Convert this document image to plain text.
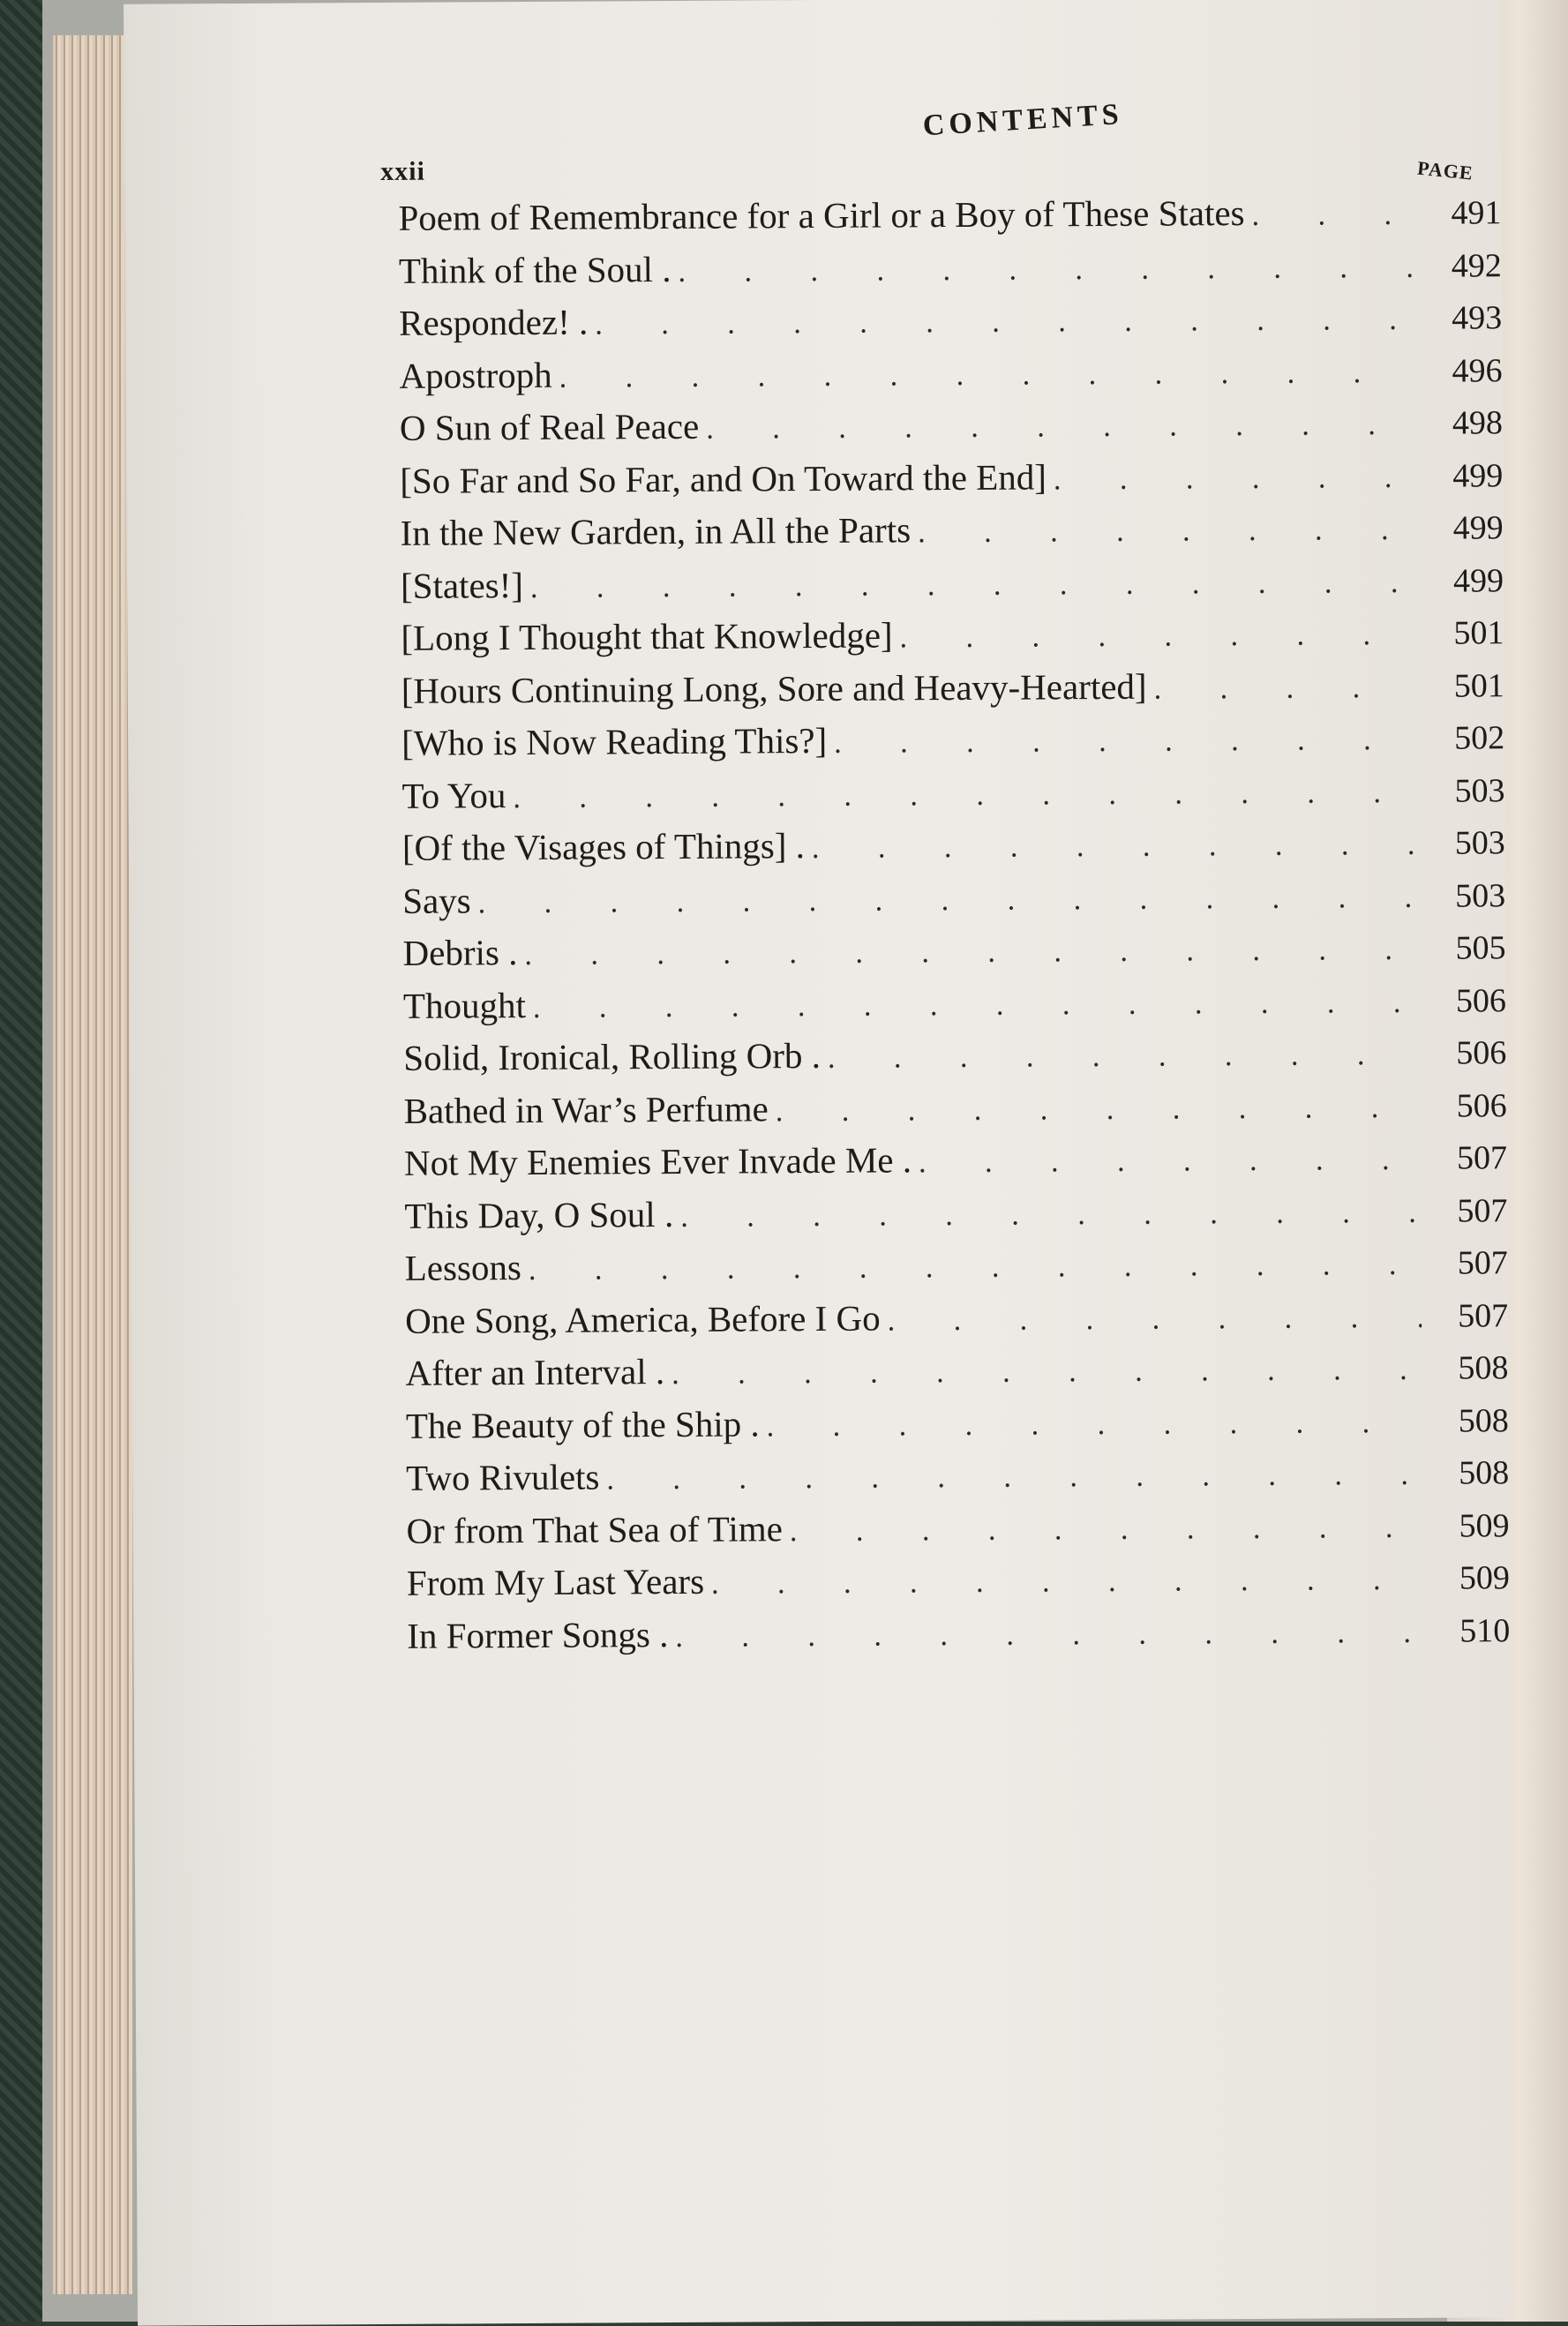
xxii
CONTENTS
PAGE
Poem of Remembrance for a Girl or a Boy of These States . . .	491
Think of the Soul . . . .	492
Respondez! . . . .	493
Apostroph . . .	496
O Sun of Real Peace . . .	498
[So Far and So Far, and On Toward the End] . . .	499
In the New Garden, in All the Parts . . .	499
[States!] . . .	499
[Long I Thought that Knowledge] . . .	501
[Hours Continuing Long, Sore and Heavy-Hearted] . . .	501
[Who is Now Reading This?] . . .	502
To You . . .	503
[Of the Visages of Things] . . . .	503
Says . . .	503
Debris . . . .	505
Thought . . .	506
Solid, Ironical, Rolling Orb . . . .	506
Bathed in War’s Perfume . . .	506
Not My Enemies Ever Invade Me . . . .	507
This Day, O Soul . . . .	507
Lessons . . .	507
One Song, America, Before I Go . . .	507
After an Interval . . . .	508
The Beauty of the Ship . . . .	508
Two Rivulets . . .	508
Or from That Sea of Time . . .	509
From My Last Years . . .	509
In Former Songs . . . .	510
